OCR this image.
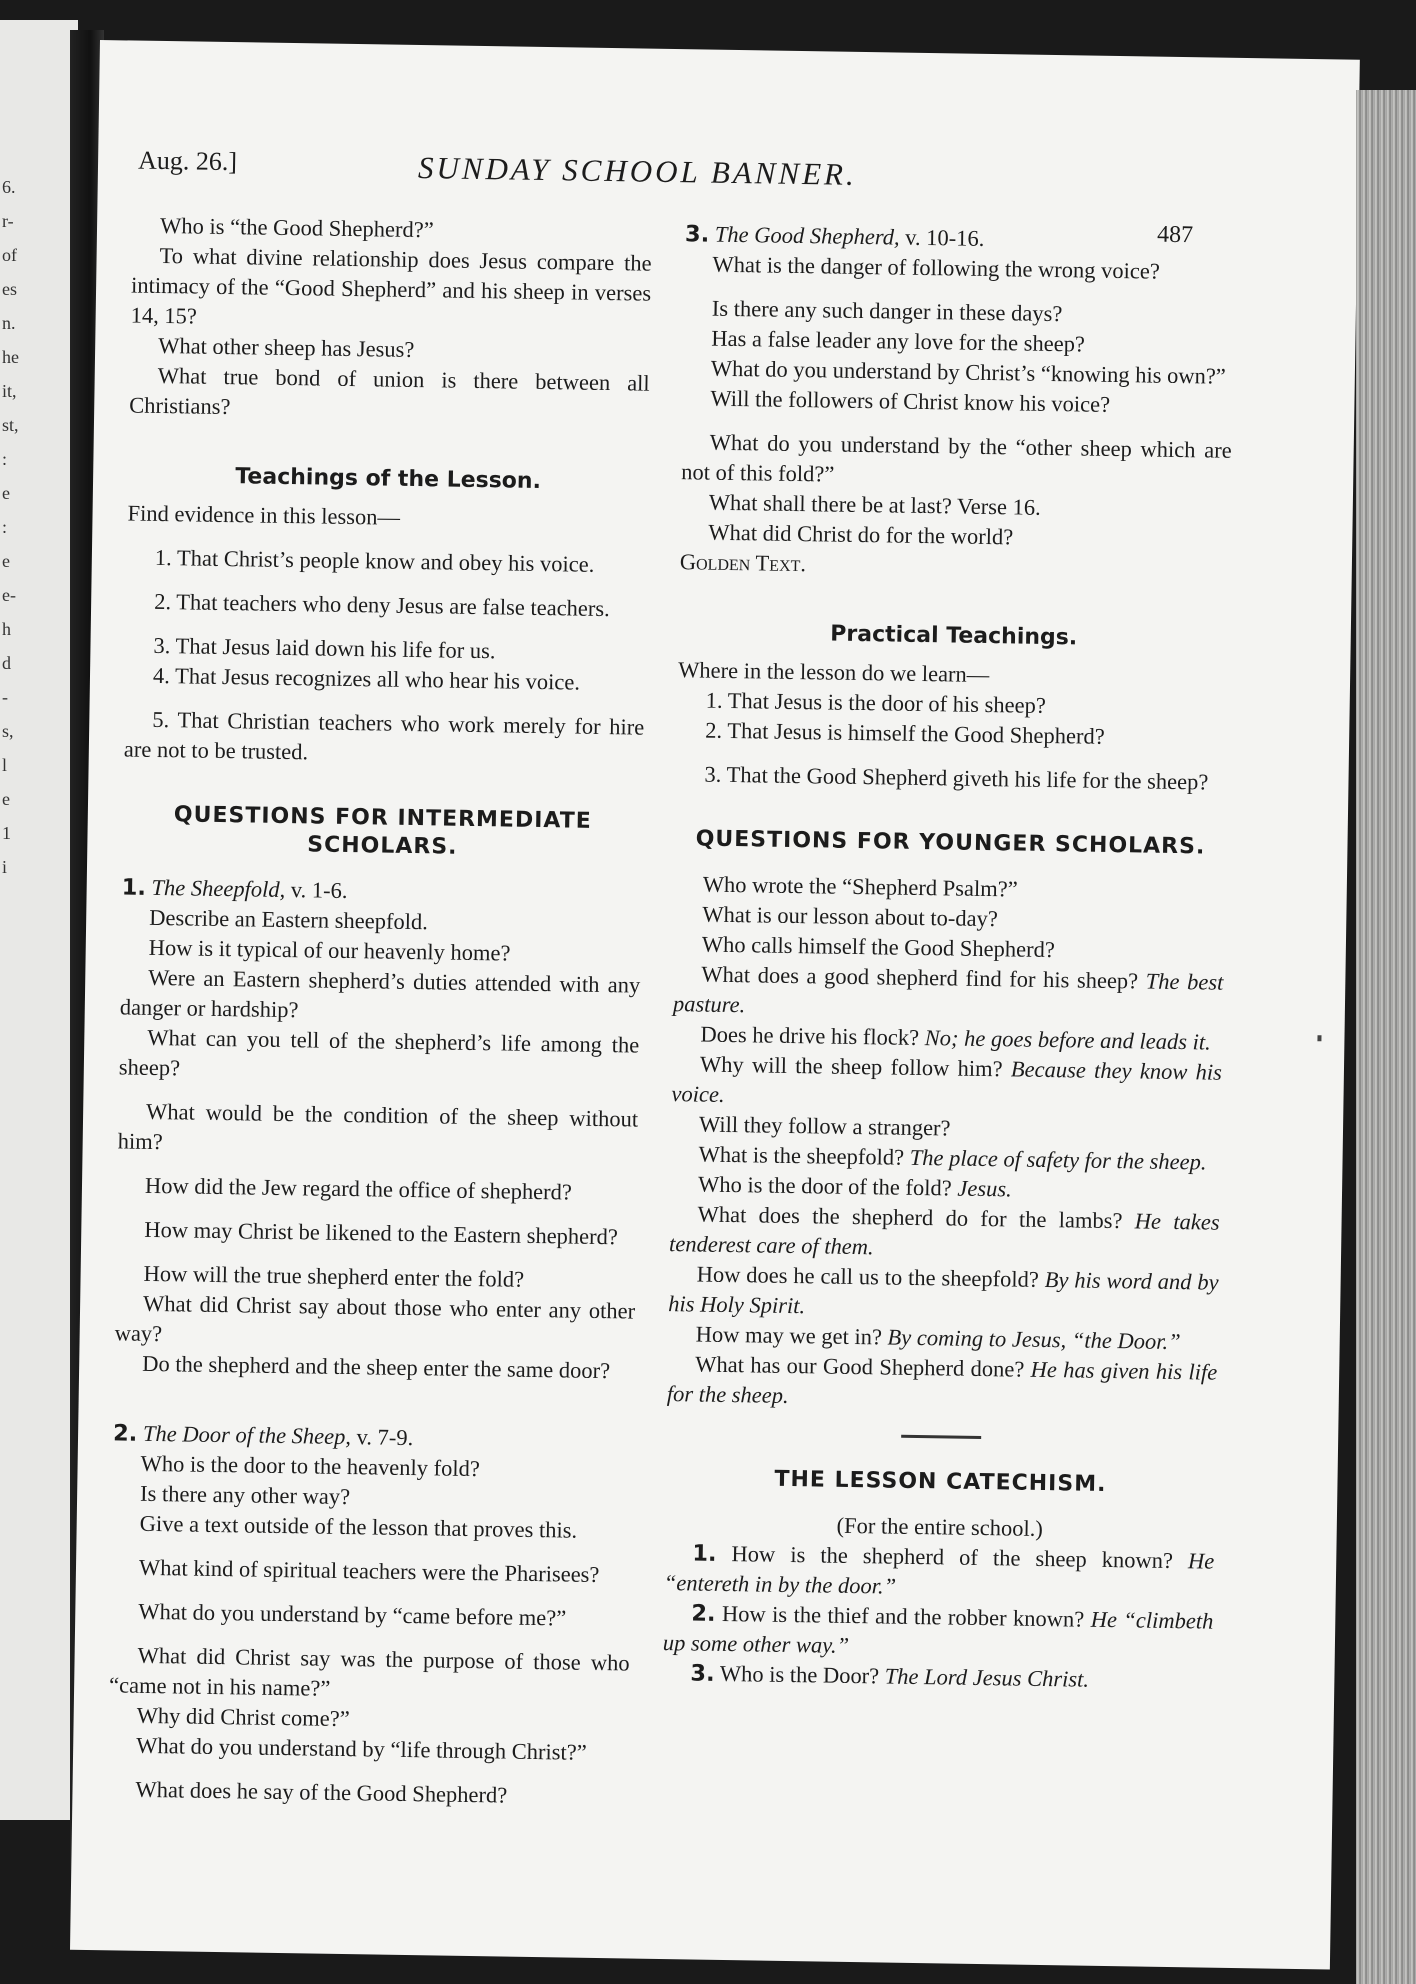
6.
r-
of
es
n.
he
it,
st,
:
e
:
e
e-
h
d
-
s,
l
e
1
i
Aug. 26.]	SUNDAY SCHOOL BANNER.
487

Who is “the Good Shepherd?”

To what divine relationship does Jesus compare the intimacy of the “Good Shepherd” and his sheep in verses 14, 15?

What other sheep has Jesus?

What true bond of union is there between all Christians?

Teachings of the Lesson.

Find evidence in this lesson—

1. That Christ’s people know and obey his voice.

2. That teachers who deny Jesus are false teachers.

3. That Jesus laid down his life for us.

4. That Jesus recognizes all who hear his voice.

5. That Christian teachers who work merely for hire are not to be trusted.

QUESTIONS FOR INTERMEDIATE SCHOLARS.

1. The Sheepfold, v. 1-6.

Describe an Eastern sheepfold.

How is it typical of our heavenly home?

Were an Eastern shepherd’s duties attended with any danger or hardship?

What can you tell of the shepherd’s life among the sheep?

What would be the condition of the sheep without him?

How did the Jew regard the office of shepherd?

How may Christ be likened to the Eastern shepherd?

How will the true shepherd enter the fold?

What did Christ say about those who enter any other way?

Do the shepherd and the sheep enter the same door?

2. The Door of the Sheep, v. 7-9.

Who is the door to the heavenly fold?

Is there any other way?

Give a text outside of the lesson that proves this.

What kind of spiritual teachers were the Pharisees?

What do you understand by “came before me?”

What did Christ say was the purpose of those who “came not in his name?”

Why did Christ come?”

What do you understand by “life through Christ?”

What does he say of the Good Shepherd?

3. The Good Shepherd, v. 10-16.

What is the danger of following the wrong voice?

Is there any such danger in these days?

Has a false leader any love for the sheep?

What do you understand by Christ’s “knowing his own?”

Will the followers of Christ know his voice?

What do you understand by the “other sheep which are not of this fold?”

What shall there be at last? Verse 16.

What did Christ do for the world?

Golden Text.

Practical Teachings.

Where in the lesson do we learn—

1. That Jesus is the door of his sheep?

2. That Jesus is himself the Good Shepherd?

3. That the Good Shepherd giveth his life for the sheep?

QUESTIONS FOR YOUNGER SCHOLARS.

Who wrote the “Shepherd Psalm?”

What is our lesson about to-day?

Who calls himself the Good Shepherd?

What does a good shepherd find for his sheep? The best pasture.

Does he drive his flock? No; he goes before and leads it.

Why will the sheep follow him? Because they know his voice.

Will they follow a stranger?

What is the sheepfold? The place of safety for the sheep.

Who is the door of the fold? Jesus.

What does the shepherd do for the lambs? He takes tenderest care of them.

How does he call us to the sheepfold? By his word and by his Holy Spirit.

How may we get in? By coming to Jesus, “the Door.”

What has our Good Shepherd done? He has given his life for the sheep.

THE LESSON CATECHISM.

(For the entire school.)

1. How is the shepherd of the sheep known? He “entereth in by the door.”

2. How is the thief and the robber known? He “climbeth up some other way.”

3. Who is the Door? The Lord Jesus Christ.
